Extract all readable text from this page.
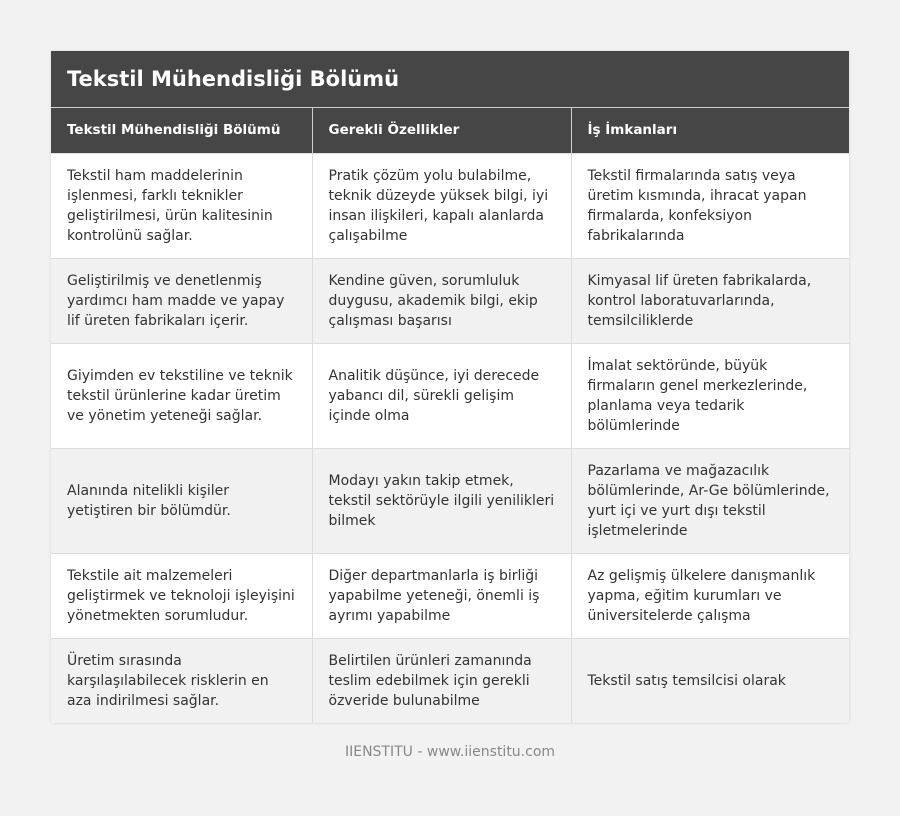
Tekstil Mühendisliği Bölümü
Tekstil Mühendisliği Bölümü	Gerekli Özellikler	İş İmkanları
Tekstil ham maddelerinin işlenmesi, farklı teknikler geliştirilmesi, ürün kalitesinin kontrolünü sağlar.	Pratik çözüm yolu bulabilme, teknik düzeyde yüksek bilgi, iyi insan ilişkileri, kapalı alanlarda çalışabilme	Tekstil firmalarında satış veya üretim kısmında, ihracat yapan firmalarda, konfeksiyon fabrikalarında
Geliştirilmiş ve denetlenmiş yardımcı ham madde ve yapay lif üreten fabrikaları içerir.	Kendine güven, sorumluluk duygusu, akademik bilgi, ekip çalışması başarısı	Kimyasal lif üreten fabrikalarda, kontrol laboratuvarlarında, temsilciliklerde
Giyimden ev tekstiline ve teknik tekstil ürünlerine kadar üretim ve yönetim yeteneği sağlar.	Analitik düşünce, iyi derecede yabancı dil, sürekli gelişim içinde olma	İmalat sektöründe, büyük firmaların genel merkezlerinde, planlama veya tedarik bölümlerinde
Alanında nitelikli kişiler yetiştiren bir bölümdür.	Modayı yakın takip etmek, tekstil sektörüyle ilgili yenilikleri bilmek	Pazarlama ve mağazacılık bölümlerinde, Ar-Ge bölümlerinde, yurt içi ve yurt dışı tekstil işletmelerinde
Tekstile ait malzemeleri geliştirmek ve teknoloji işleyişini yönetmekten sorumludur.	Diğer departmanlarla iş birliği yapabilme yeteneği, önemli iş ayrımı yapabilme	Az gelişmiş ülkelere danışmanlık yapma, eğitim kurumları ve üniversitelerde çalışma
Üretim sırasında karşılaşılabilecek risklerin en aza indirilmesi sağlar.	Belirtilen ürünleri zamanında teslim edebilmek için gerekli özveride bulunabilme	Tekstil satış temsilcisi olarak
IIENSTITU - www.iienstitu.com
